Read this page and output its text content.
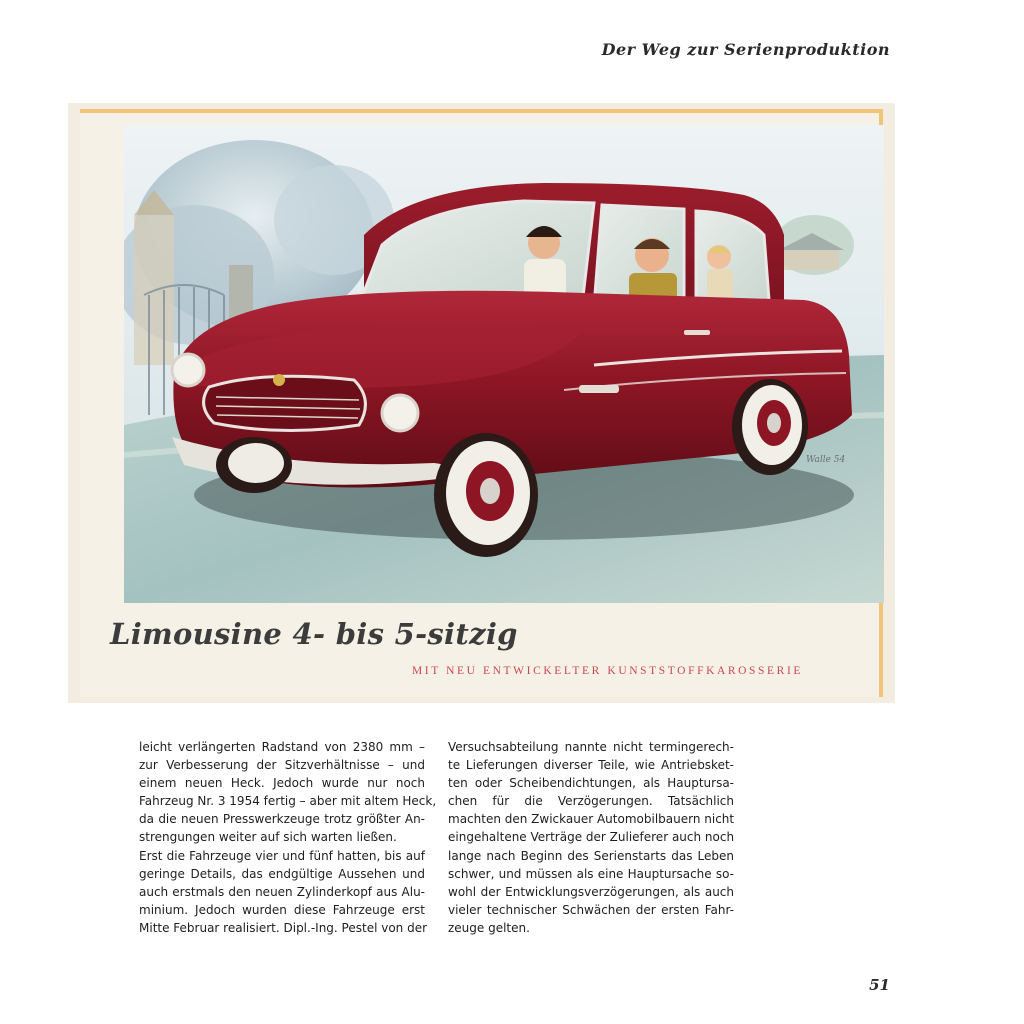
Der Weg zur Serienproduktion
Walle 54
Limousine 4- bis 5-sitzig
MIT NEU ENTWICKELTER KUNSTSTOFFKAROSSERIE
leicht verlängerten Radstand von 2380 mm –
zur Verbesserung der Sitzverhältnisse – und
einem neuen Heck. Jedoch wurde nur noch
Fahrzeug Nr. 3 1954 fertig – aber mit altem Heck,
da die neuen Presswerkzeuge trotz größter An-
strengungen weiter auf sich warten ließen.
Erst die Fahrzeuge vier und fünf hatten, bis auf
geringe Details, das endgültige Aussehen und
auch erstmals den neuen Zylinderkopf aus Alu-
minium. Jedoch wurden diese Fahrzeuge erst
Mitte Februar realisiert. Dipl.-Ing. Pestel von der
Versuchsabteilung nannte nicht termingerech-
te Lieferungen diverser Teile, wie Antriebsket-
ten oder Scheibendichtungen, als Hauptursa-
chen für die Verzögerungen. Tatsächlich
machten den Zwickauer Automobilbauern nicht
eingehaltene Verträge der Zulieferer auch noch
lange nach Beginn des Serienstarts das Leben
schwer, und müssen als eine Hauptursache so-
wohl der Entwicklungsverzögerungen, als auch
vieler technischer Schwächen der ersten Fahr-
zeuge gelten.
51
